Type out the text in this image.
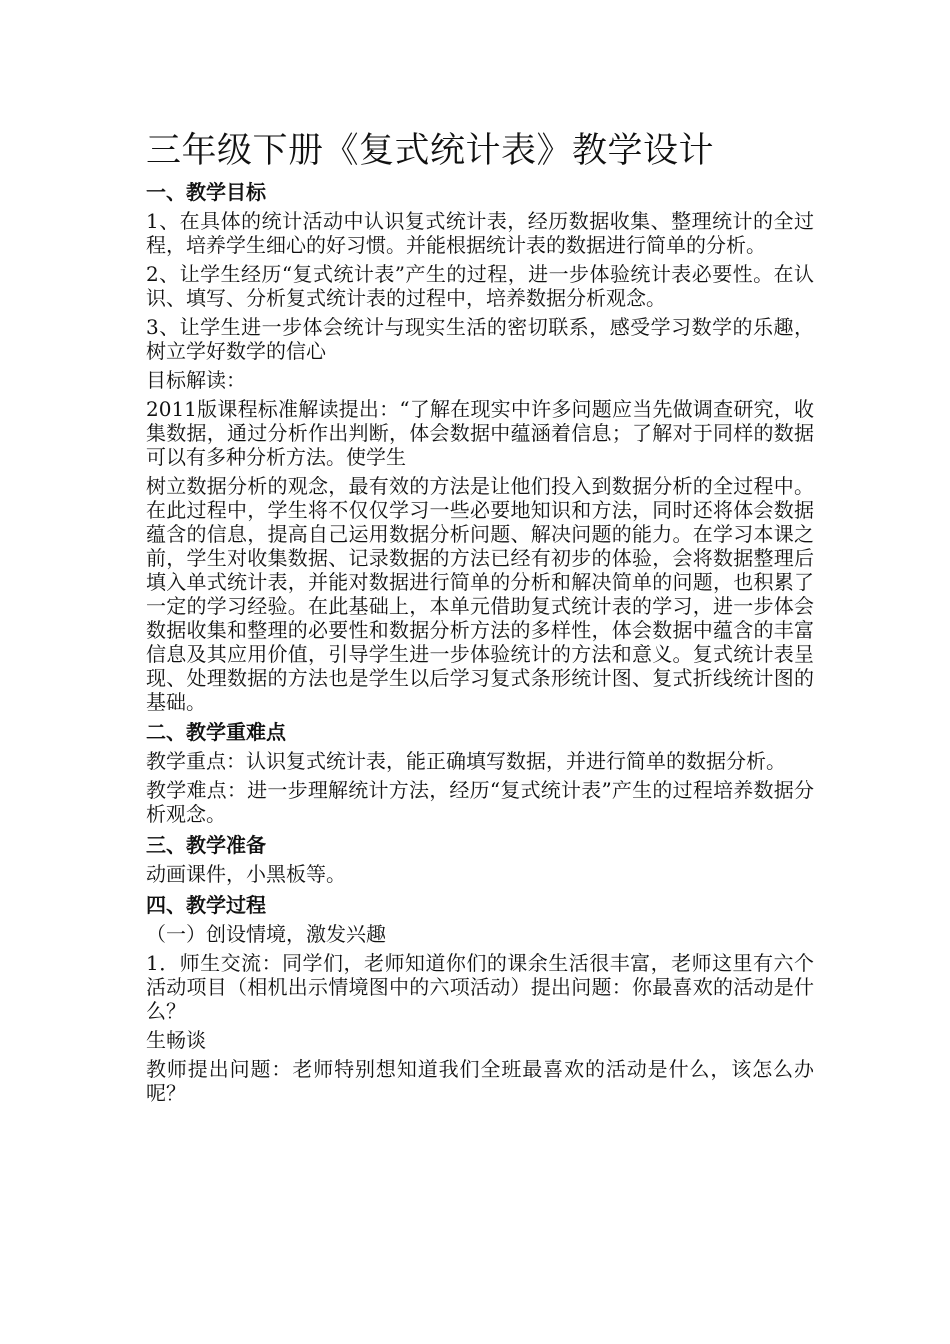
三年级下册《复式统计表》教学设计
一、教学目标

1、在具体的统计活动中认识复式统计表，经历数据收集、整理统计的全过程，培养学生细心的好习惯。并能根据统计表的数据进行简单的分析。

2、让学生经历“复式统计表”产生的过程，进一步体验统计表必要性。在认识、填写、分析复式统计表的过程中，培养数据分析观念。

3、让学生进一步体会统计与现实生活的密切联系，感受学习数学的乐趣，树立学好数学的信心

目标解读：

2011版课程标准解读提出：“了解在现实中许多问题应当先做调查研究，收集数据，通过分析作出判断，体会数据中蕴涵着信息；了解对于同样的数据可以有多种分析方法。使学生

树立数据分析的观念，最有效的方法是让他们投入到数据分析的全过程中。在此过程中，学生将不仅仅学习一些必要地知识和方法，同时还将体会数据蕴含的信息，提高自己运用数据分析问题、解决问题的能力。在学习本课之前，学生对收集数据、记录数据的方法已经有初步的体验，会将数据整理后填入单式统计表，并能对数据进行简单的分析和解决简单的问题，也积累了一定的学习经验。在此基础上，本单元借助复式统计表的学习，进一步体会数据收集和整理的必要性和数据分析方法的多样性，体会数据中蕴含的丰富信息及其应用价值，引导学生进一步体验统计的方法和意义。复式统计表呈现、处理数据的方法也是学生以后学习复式条形统计图、复式折线统计图的基础。

二、教学重难点

教学重点：认识复式统计表，能正确填写数据，并进行简单的数据分析。

教学难点：进一步理解统计方法，经历“复式统计表”产生的过程培养数据分析观念。

三、教学准备

动画课件，小黑板等。

四、教学过程

（一）创设情境，激发兴趣

1．师生交流：同学们，老师知道你们的课余生活很丰富，老师这里有六个活动项目（相机出示情境图中的六项活动）提出问题：你最喜欢的活动是什么？

生畅谈

教师提出问题：老师特别想知道我们全班最喜欢的活动是什么，该怎么办呢？
